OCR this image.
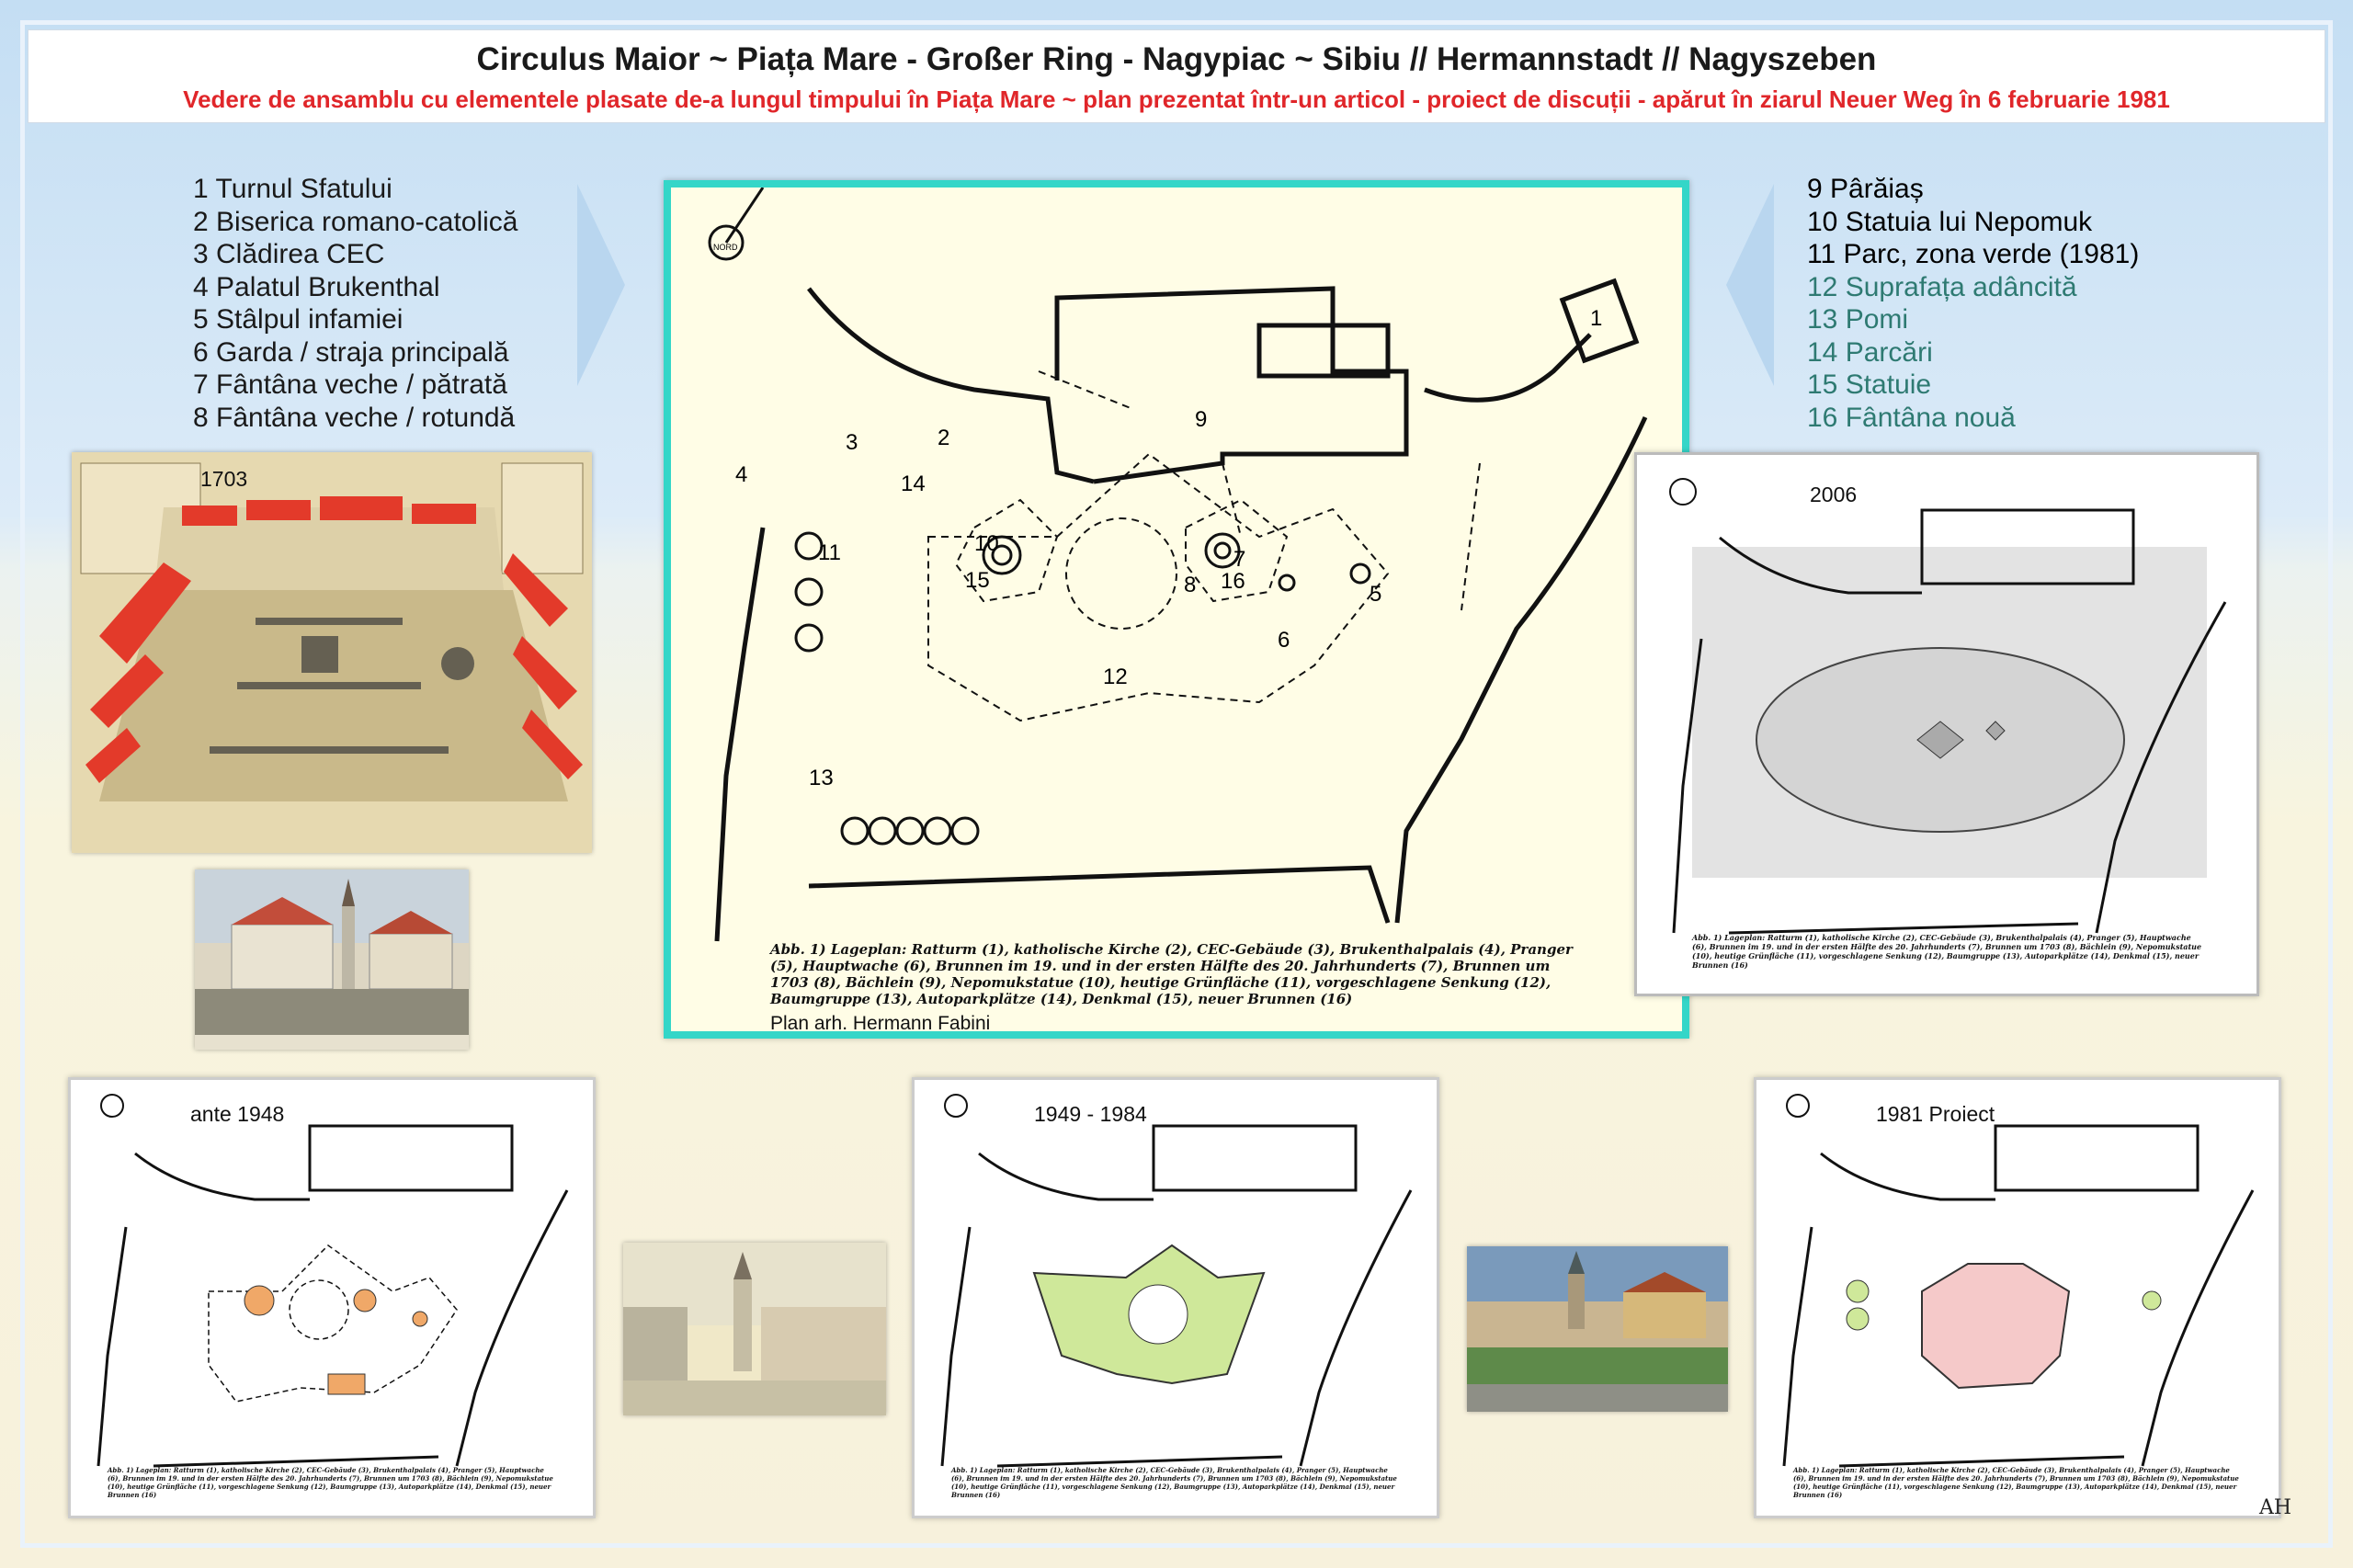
Circulus Maior ~ Piața Mare - Großer Ring - Nagypiac ~ Sibiu // Hermannstadt // Nagyszeben
Vedere de ansamblu cu elementele plasate de-a lungul timpului în Piața Mare ~ plan prezentat într-un articol - proiect de discuții - apărut în ziarul Neuer Weg în 6 februarie 1981
1 Turnul Sfatului
2 Biserica romano-catolică
3 Clădirea CEC
4 Palatul Brukenthal
5 Stâlpul infamiei
6 Garda / straja principală
7 Fântâna veche / pătrată
8 Fântâna veche / rotundă
9 Pârăiaș
10 Statuia lui Nepomuk
11 Parc, zona verde (1981)
12 Suprafața adâncită
13 Pomi
14 Parcări
15 Statuie
16 Fântâna nouă
1703
NORD
1
2
3
4
5
6
7
8
9
10
11
12
13
14
15	16
Abb. 1) Lageplan: Ratturm (1), katholische Kirche (2), CEC-Gebäude (3), Brukenthalpalais (4), Pranger (5), Hauptwache (6), Brunnen im 19. und in der ersten Hälfte des 20. Jahrhunderts (7), Brunnen um 1703 (8), Bächlein (9), Nepomukstatue (10), heutige Grünfläche (11), vorgeschlagene Senkung (12), Baumgruppe (13), Autoparkplätze (14), Denkmal (15), neuer Brunnen (16)
Plan arh. Hermann Fabini
2006
Abb. 1) Lageplan: Ratturm (1), katholische Kirche (2), CEC-Gebäude (3), Brukenthalpalais (4), Pranger (5), Hauptwache (6), Brunnen im 19. und in der ersten Hälfte des 20. Jahrhunderts (7), Brunnen um 1703 (8), Bächlein (9), Nepomukstatue (10), heutige Grünfläche (11), vorgeschlagene Senkung (12), Baumgruppe (13), Autoparkplätze (14), Denkmal (15), neuer Brunnen (16)
ante 1948
Abb. 1) Lageplan: Ratturm (1), katholische Kirche (2), CEC-Gebäude (3), Brukenthalpalais (4), Pranger (5), Hauptwache (6), Brunnen im 19. und in der ersten Hälfte des 20. Jahrhunderts (7), Brunnen um 1703 (8), Bächlein (9), Nepomukstatue (10), heutige Grünfläche (11), vorgeschlagene Senkung (12), Baumgruppe (13), Autoparkplätze (14), Denkmal (15), neuer Brunnen (16)
1949 - 1984
Abb. 1) Lageplan: Ratturm (1), katholische Kirche (2), CEC-Gebäude (3), Brukenthalpalais (4), Pranger (5), Hauptwache (6), Brunnen im 19. und in der ersten Hälfte des 20. Jahrhunderts (7), Brunnen um 1703 (8), Bächlein (9), Nepomukstatue (10), heutige Grünfläche (11), vorgeschlagene Senkung (12), Baumgruppe (13), Autoparkplätze (14), Denkmal (15), neuer Brunnen (16)
1981 Proiect
Abb. 1) Lageplan: Ratturm (1), katholische Kirche (2), CEC-Gebäude (3), Brukenthalpalais (4), Pranger (5), Hauptwache (6), Brunnen im 19. und in der ersten Hälfte des 20. Jahrhunderts (7), Brunnen um 1703 (8), Bächlein (9), Nepomukstatue (10), heutige Grünfläche (11), vorgeschlagene Senkung (12), Baumgruppe (13), Autoparkplätze (14), Denkmal (15), neuer Brunnen (16)
AH
